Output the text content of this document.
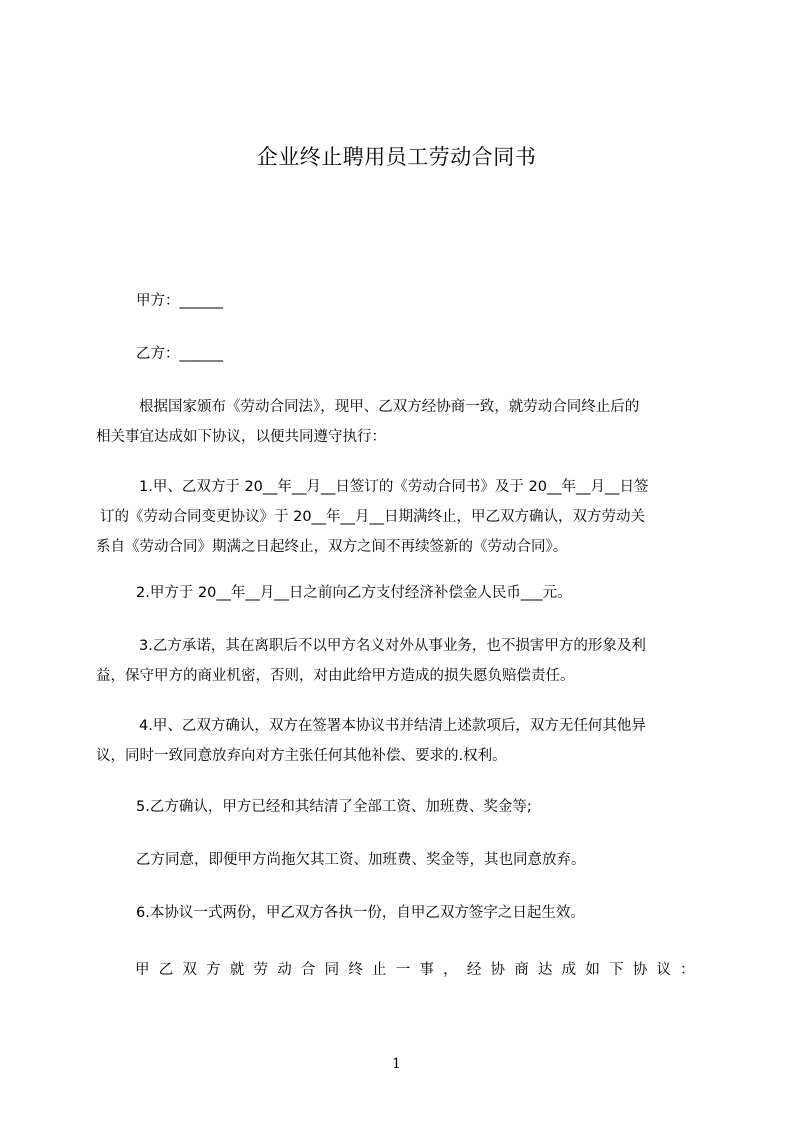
企业终止聘用员工劳动合同书

甲方：______

乙方：______

根据国家颁布《劳动合同法》，现甲、乙双方经协商一致，就劳动合同终止后的
相关事宜达成如下协议，以便共同遵守执行：
1.甲、乙双方于 20__年__月__日签订的《劳动合同书》及于 20__年__月__日签
订的《劳动合同变更协议》于 20__年__月__日期满终止，甲乙双方确认，双方劳动关
系自《劳动合同》期满之日起终止，双方之间不再续签新的《劳动合同》。

2.甲方于 20__年__月__日之前向乙方支付经济补偿金人民币___元。

3.乙方承诺，其在离职后不以甲方名义对外从事业务，也不损害甲方的形象及利
益，保守甲方的商业机密，否则，对由此给甲方造成的损失愿负赔偿责任。
4.甲、乙双方确认，双方在签署本协议书并结清上述款项后，双方无任何其他异
议，同时一致同意放弃向对方主张任何其他补偿、要求的.权利。

5.乙方确认，甲方已经和其结清了全部工资、加班费、奖金等;

乙方同意，即便甲方尚拖欠其工资、加班费、奖金等，其也同意放弃。

6.本协议一式两份，甲乙双方各执一份，自甲乙双方签字之日起生效。

甲 乙 双 方 就 劳 动 合 同 终 止 一 事 ， 经 协 商 达 成 如 下 协 议 ：
1
